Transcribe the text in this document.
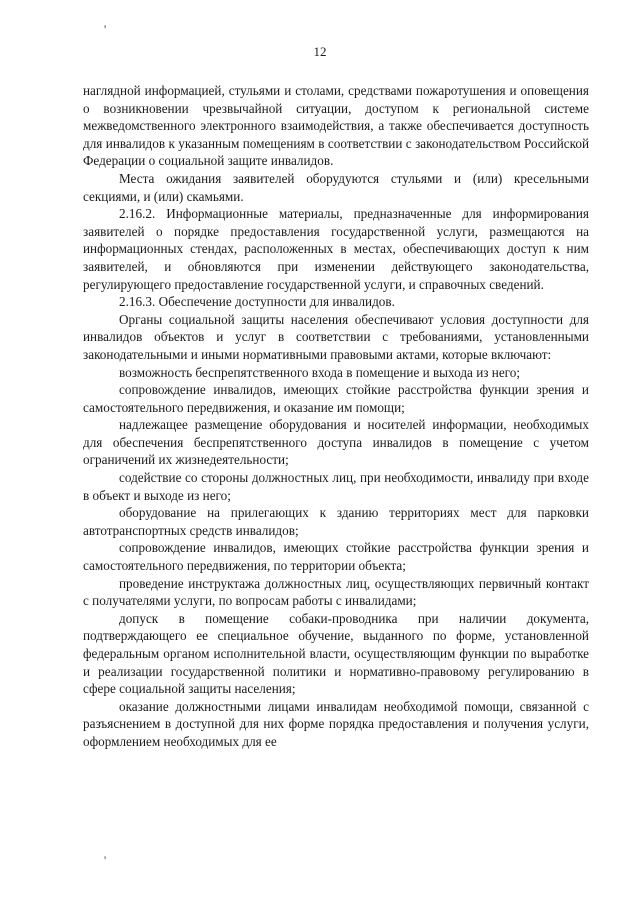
'
12

наглядной информацией, стульями и столами, средствами пожаротушения и оповещения о возникновении чрезвычайной ситуации, доступом к региональной системе межведомственного электронного взаимодействия, а также обеспечивается доступность для инвалидов к указанным помещениям в соответствии с законодательством Российской Федерации о социальной защите инвалидов.

Места ожидания заявителей оборудуются стульями и (или) кресельными секциями, и (или) скамьями.

2.16.2. Информационные материалы, предназначенные для информирования заявителей о порядке предоставления государственной услуги, размещаются на информационных стендах, расположенных в местах, обеспечивающих доступ к ним заявителей, и обновляются при изменении действующего законодательства, регулирующего предоставление государственной услуги, и справочных сведений.

2.16.3. Обеспечение доступности для инвалидов.

Органы социальной защиты населения обеспечивают условия доступности для инвалидов объектов и услуг в соответствии с требованиями, установленными законодательными и иными нормативными правовыми актами, которые включают:

возможность беспрепятственного входа в помещение и выхода из него;

сопровождение инвалидов, имеющих стойкие расстройства функции зрения и самостоятельного передвижения, и оказание им помощи;

надлежащее размещение оборудования и носителей информации, необходимых для обеспечения беспрепятственного доступа инвалидов в помещение с учетом ограничений их жизнедеятельности;

содействие со стороны должностных лиц, при необходимости, инвалиду при входе в объект и выходе из него;

оборудование на прилегающих к зданию территориях мест для парковки автотранспортных средств инвалидов;

сопровождение инвалидов, имеющих стойкие расстройства функции зрения и самостоятельного передвижения, по территории объекта;

проведение инструктажа должностных лиц, осуществляющих первичный контакт с получателями услуги, по вопросам работы с инвалидами;

допуск в помещение собаки-проводника при наличии документа, подтверждающего ее специальное обучение, выданного по форме, установленной федеральным органом исполнительной власти, осуществляющим функции по выработке и реализации государственной политики и нормативно-правовому регулированию в сфере социальной защиты населения;

оказание должностными лицами инвалидам необходимой помощи, связанной с разъяснением в доступной для них форме порядка предоставления и получения услуги, оформлением необходимых для ее

'
